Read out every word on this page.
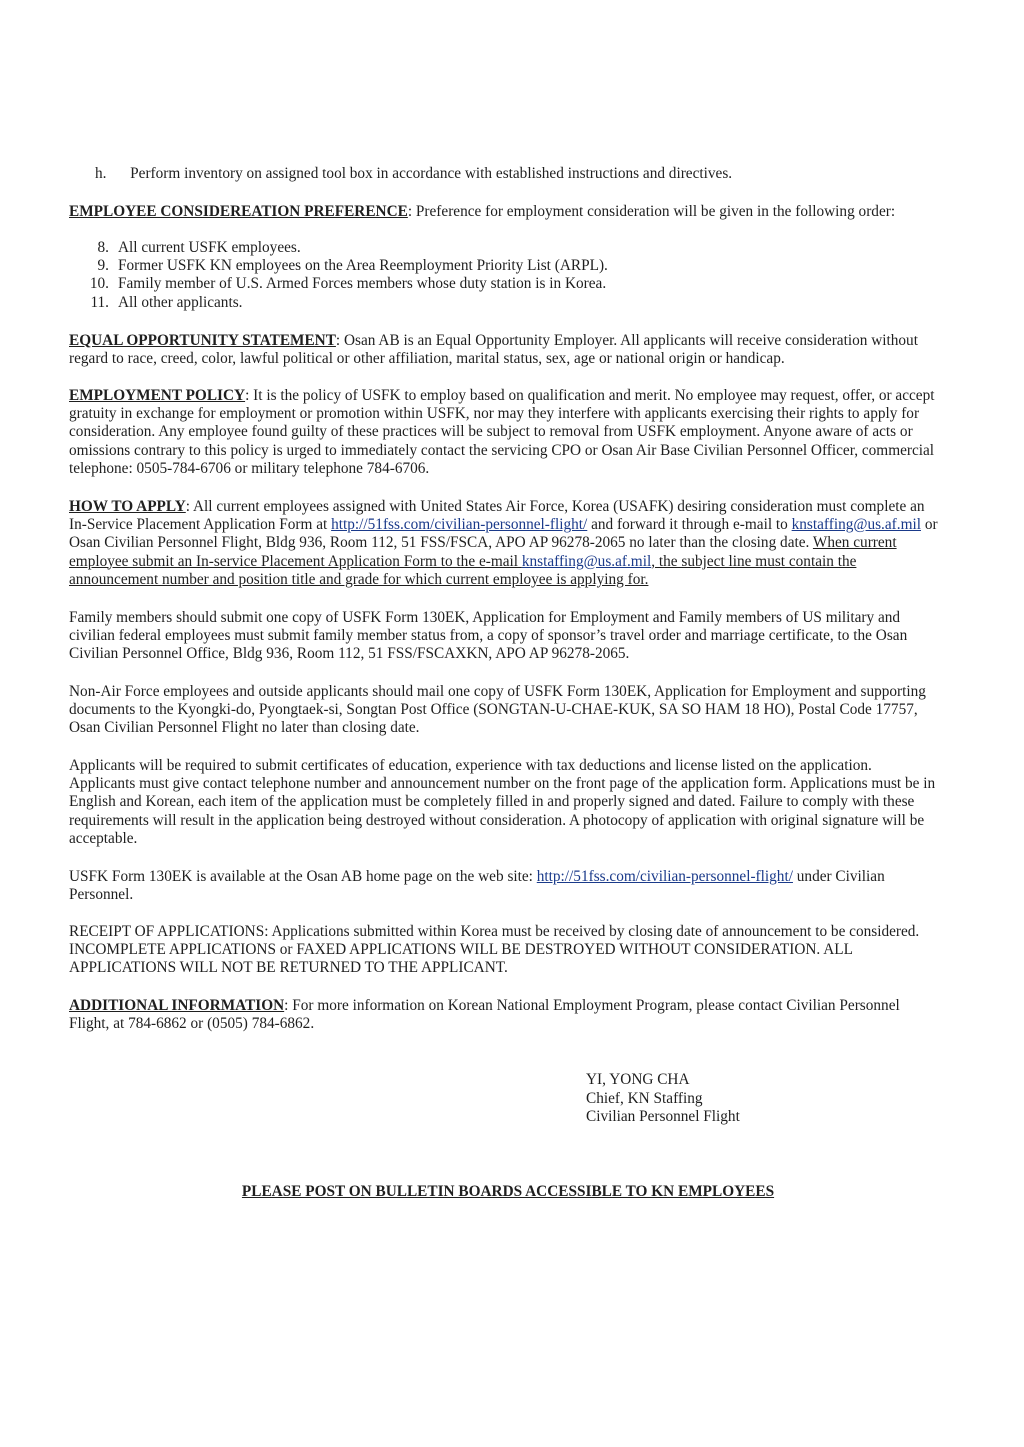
h. Perform inventory on assigned tool box in accordance with established instructions and directives.

EMPLOYEE CONSIDEREATION PREFERENCE: Preference for employment consideration will be given in the following order:

8. All current USFK employees.
9. Former USFK KN employees on the Area Reemployment Priority List (ARPL).
10. Family member of U.S. Armed Forces members whose duty station is in Korea.
11. All other applicants.

EQUAL OPPORTUNITY STATEMENT: Osan AB is an Equal Opportunity Employer. All applicants will receive consideration without regard to race, creed, color, lawful political or other affiliation, marital status, sex, age or national origin or handicap.

EMPLOYMENT POLICY: It is the policy of USFK to employ based on qualification and merit. No employee may request, offer, or accept gratuity in exchange for employment or promotion within USFK, nor may they interfere with applicants exercising their rights to apply for consideration. Any employee found guilty of these practices will be subject to removal from USFK employment. Anyone aware of acts or omissions contrary to this policy is urged to immediately contact the servicing CPO or Osan Air Base Civilian Personnel Officer, commercial telephone: 0505-784-6706 or military telephone 784-6706.

HOW TO APPLY: All current employees assigned with United States Air Force, Korea (USAFK) desiring consideration must complete an In-Service Placement Application Form at http://51fss.com/civilian-personnel-flight/ and forward it through e-mail to knstaffing@us.af.mil or Osan Civilian Personnel Flight, Bldg 936, Room 112, 51 FSS/FSCA, APO AP 96278-2065 no later than the closing date. When current employee submit an In-service Placement Application Form to the e-mail knstaffing@us.af.mil, the subject line must contain the announcement number and position title and grade for which current employee is applying for.

Family members should submit one copy of USFK Form 130EK, Application for Employment and Family members of US military and civilian federal employees must submit family member status from, a copy of sponsor’s travel order and marriage certificate, to the Osan Civilian Personnel Office, Bldg 936, Room 112, 51 FSS/FSCAXKN, APO AP 96278-2065.

Non-Air Force employees and outside applicants should mail one copy of USFK Form 130EK, Application for Employment and supporting documents to the Kyongki-do, Pyongtaek-si, Songtan Post Office (SONGTAN-U-CHAE-KUK, SA SO HAM 18 HO), Postal Code 17757, Osan Civilian Personnel Flight no later than closing date.

Applicants will be required to submit certificates of education, experience with tax deductions and license listed on the application. Applicants must give contact telephone number and announcement number on the front page of the application form. Applications must be in English and Korean, each item of the application must be completely filled in and properly signed and dated. Failure to comply with these requirements will result in the application being destroyed without consideration. A photocopy of application with original signature will be acceptable.

USFK Form 130EK is available at the Osan AB home page on the web site: http://51fss.com/civilian-personnel-flight/ under Civilian Personnel.

RECEIPT OF APPLICATIONS: Applications submitted within Korea must be received by closing date of announcement to be considered. INCOMPLETE APPLICATIONS or FAXED APPLICATIONS WILL BE DESTROYED WITHOUT CONSIDERATION. ALL APPLICATIONS WILL NOT BE RETURNED TO THE APPLICANT.

ADDITIONAL INFORMATION: For more information on Korean National Employment Program, please contact Civilian Personnel Flight, at 784-6862 or (0505) 784-6862.

YI, YONG CHA
Chief, KN Staffing
Civilian Personnel Flight
PLEASE POST ON BULLETIN BOARDS ACCESSIBLE TO KN EMPLOYEES
